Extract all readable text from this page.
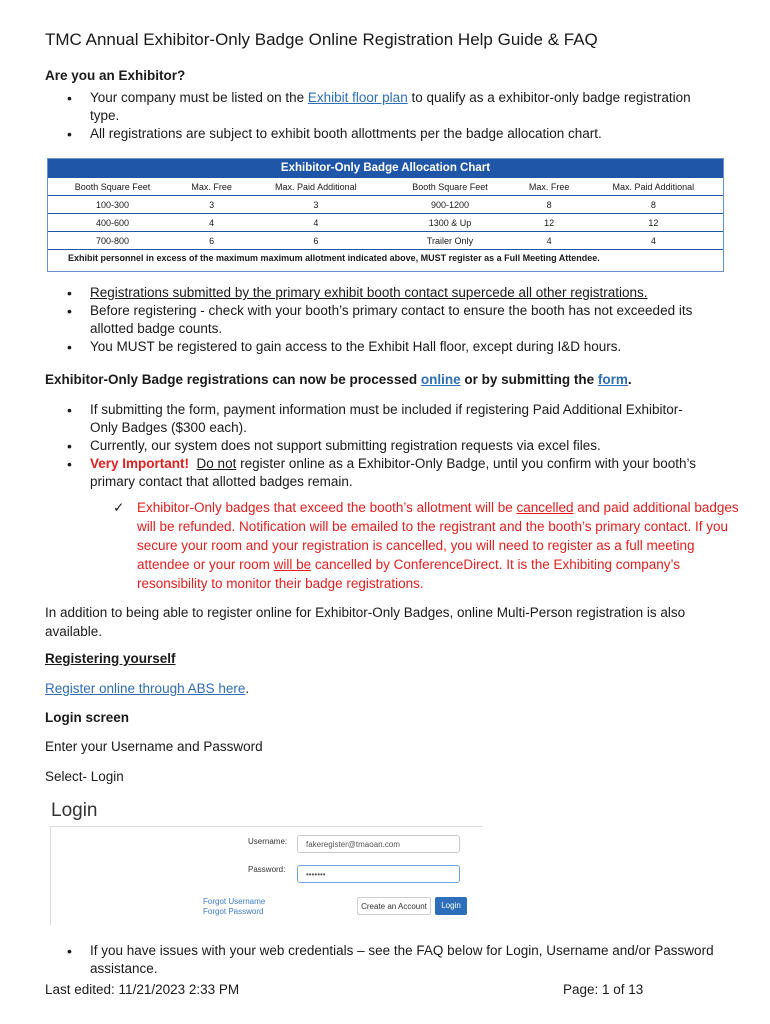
TMC Annual Exhibitor-Only Badge Online Registration Help Guide & FAQ
Are you an Exhibitor?
• Your company must be listed on the Exhibit floor plan to qualify as a exhibitor-only badge registration
type.
• All registrations are subject to exhibit booth allottments per the badge allocation chart.
Exhibitor-Only Badge Allocation Chart
Booth Square Feet	Max. Free	Max. Paid Additional	Booth Square Feet	Max. Free	Max. Paid Additional
100-300	3	3	900-1200	8	8
400-600	4	4	1300 & Up	12	12
700-800	6	6	Trailer Only	4	4
Exhibit personnel in excess of the maximum maximum allotment indicated above, MUST register as a Full Meeting Attendee.
• Registrations submitted by the primary exhibit booth contact supercede all other registrations.
• Before registering - check with your booth’s primary contact to ensure the booth has not exceeded its
allotted badge counts.
• You MUST be registered to gain access to the Exhibit Hall floor, except during I&D hours.
Exhibitor-Only Badge registrations can now be processed online or by submitting the form.
• If submitting the form, payment information must be included if registering Paid Additional Exhibitor-
Only Badges ($300 each).
• Currently, our system does not support submitting registration requests via excel files.
• Very Important! Do not register online as a Exhibitor-Only Badge, until you confirm with your booth’s
primary contact that allotted badges remain.
✓ Exhibitor-Only badges that exceed the booth’s allotment will be cancelled and paid additional badges will be refunded. Notification will be emailed to the registrant and the booth’s primary contact. If you secure your room and your registration is cancelled, you will need to register as a full meeting attendee or your room will be cancelled by ConferenceDirect. It is the Exhibiting company’s resonsibility to monitor their badge registrations.
In addition to being able to register online for Exhibitor-Only Badges, online Multi-Person registration is also
available.
Registering yourself
Register online through ABS here.
Login screen
Enter your Username and Password
Select- Login
Login
Username:	fakeregister@tmaoan.com
Password:
•••••••
Forgot Username
Forgot Password
Create an Account	Login
• If you have issues with your web credentials – see the FAQ below for Login, Username and/or Password
assistance.
Last edited: 11/21/2023 2:33 PM	Page: 1 of 13
